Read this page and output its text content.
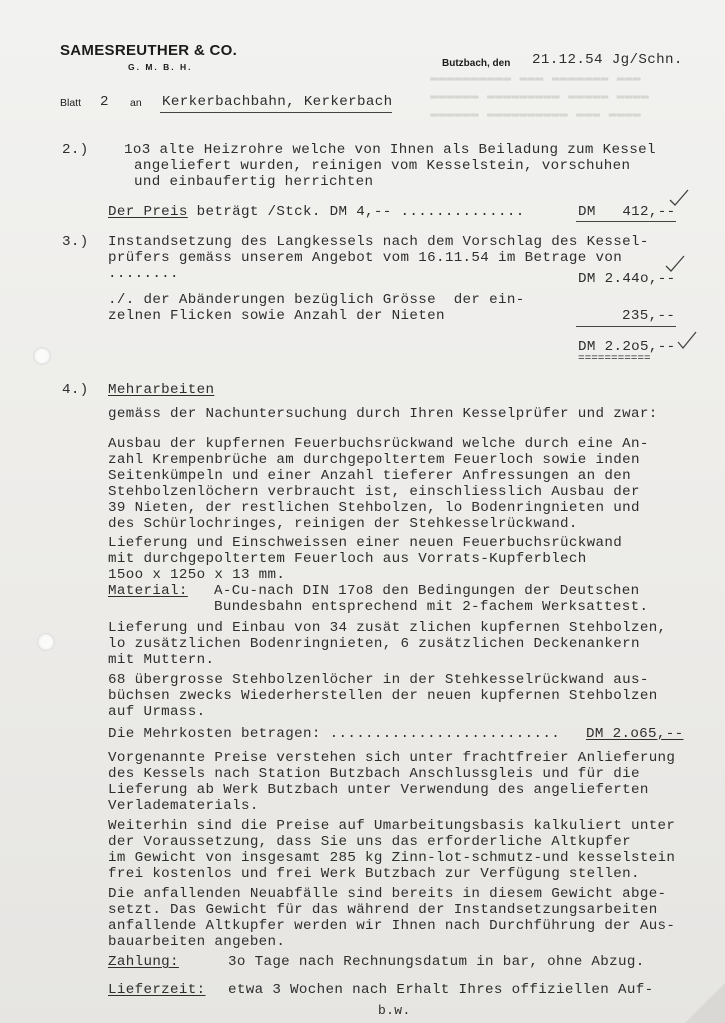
▬▬▬ ▬▬▬▬▬▬▬ ▬▬▬ ▬▬▬▬▬▬▬▬▬▬
▬▬▬▬ ▬▬▬▬▬ ▬▬▬▬▬▬▬▬▬ ▬▬▬▬▬▬
▬▬▬▬ ▬▬▬ ▬▬▬▬▬▬▬▬▬▬ ▬▬▬▬▬▬
SAMESREUTHER & CO.
G. M. B. H.	Butzbach, den 21.12.54 Jg/Schn.
Blatt 2 an Kerkerbachbahn, Kerkerbach
2.) 1o3 alte Heizrohre welche von Ihnen als Beiladung zum Kessel
angeliefert wurden, reinigen vom Kesselstein, vorschuhen
und einbaufertig herrichten
Der Preis beträgt /Stck. DM 4,-- ..............	DM   412,--
3.) Instandsetzung des Langkessels nach dem Vorschlag des Kessel-
prüfers gemäss unserem Angebot vom 16.11.54 im Betrage von
........	DM 2.44o,--
./. der Abänderungen bezüglich Grösse  der ein-
zelnen Flicken sowie Anzahl der Nieten	235,--
DM 2.2o5,--
===========
4.) Mehrarbeiten
gemäss der Nachuntersuchung durch Ihren Kesselprüfer und zwar:
Ausbau der kupfernen Feuerbuchsrückwand welche durch eine An-
zahl Krempenbrüche am durchgepoltertem Feuerloch sowie inden
Seitenkümpeln und einer Anzahl tieferer Anfressungen an den
Stehbolzenlöchern verbraucht ist, einschliesslich Ausbau der
39 Nieten, der restlichen Stehbolzen, lo Bodenringnieten und
des Schürlochringes, reinigen der Stehkesselrückwand.
Lieferung und Einschweissen einer neuen Feuerbuchsrückwand
mit durchgepoltertem Feuerloch aus Vorrats-Kupferblech
15oo x 125o x 13 mm.
Material: A-Cu-nach DIN 17o8 den Bedingungen der Deutschen
Bundesbahn entsprechend mit 2-fachem Werksattest.
Lieferung und Einbau von 34 zusät zlichen kupfernen Stehbolzen,
lo zusätzlichen Bodenringnieten, 6 zusätzlichen Deckenankern
mit Muttern.
68 übergrosse Stehbolzenlöcher in der Stehkesselrückwand aus-
büchsen zwecks Wiederherstellen der neuen kupfernen Stehbolzen
auf Urmass.
Die Mehrkosten betragen: .......................... DM 2.o65,--
Vorgenannte Preise verstehen sich unter frachtfreier Anlieferung
des Kessels nach Station Butzbach Anschlussgleis und für die
Lieferung ab Werk Butzbach unter Verwendung des angelieferten
Verladematerials.
Weiterhin sind die Preise auf Umarbeitungsbasis kalkuliert unter
der Voraussetzung, dass Sie uns das erforderliche Altkupfer
im Gewicht von insgesamt 285 kg Zinn-lot-schmutz-und kesselstein
frei kostenlos und frei Werk Butzbach zur Verfügung stellen.
Die anfallenden Neuabfälle sind bereits in diesem Gewicht abge-
setzt. Das Gewicht für das während der Instandsetzungsarbeiten
anfallende Altkupfer werden wir Ihnen nach Durchführung der Aus-
bauarbeiten angeben.
Zahlung:	3o Tage nach Rechnungsdatum in bar, ohne Abzug.
Lieferzeit: etwa 3 Wochen nach Erhalt Ihres offiziellen Auf-
b.w.
